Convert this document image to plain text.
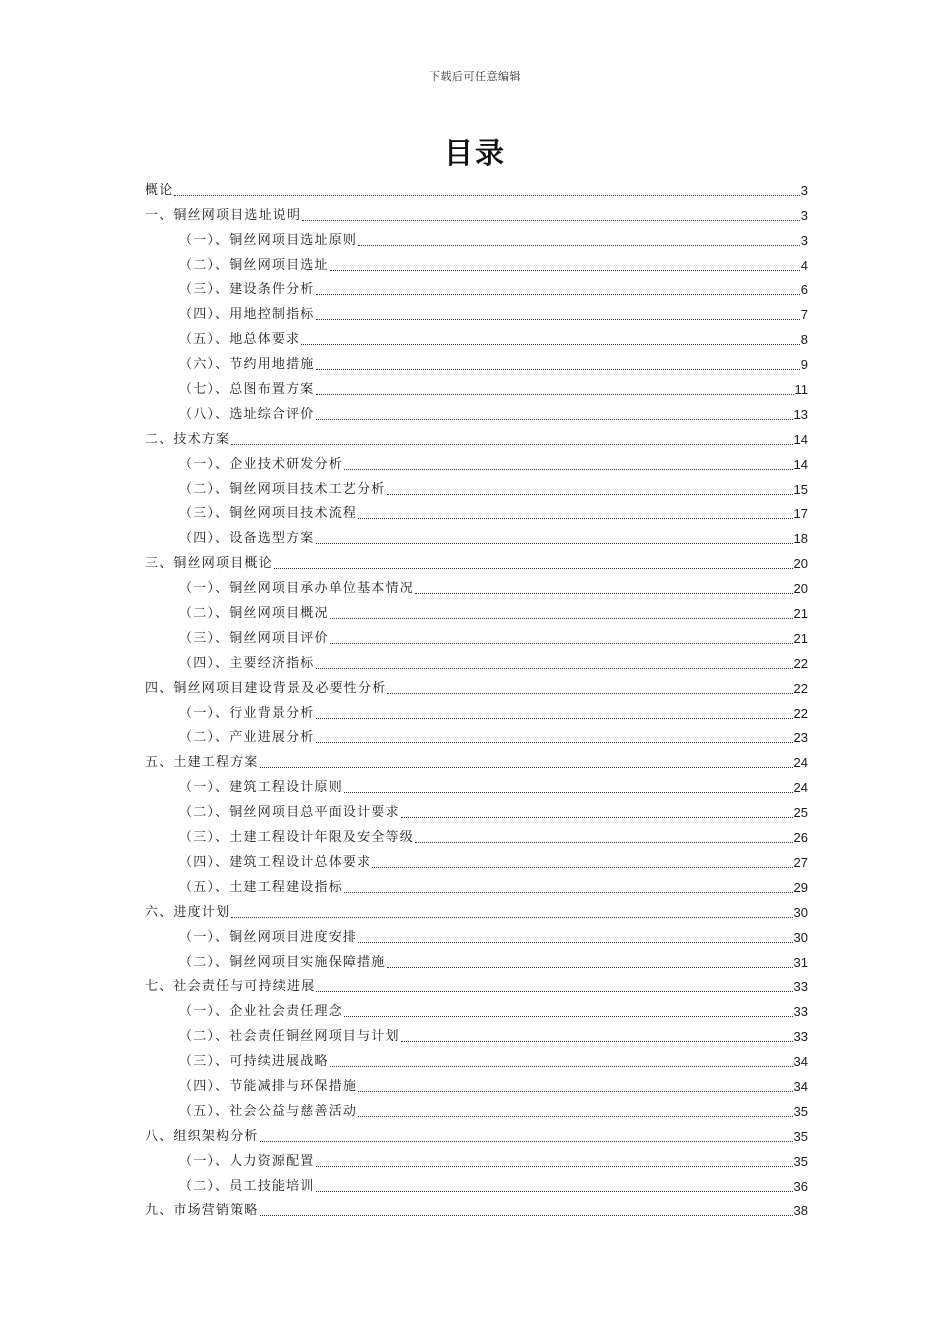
下载后可任意编辑
目录
概论	3
一、铜丝网项目选址说明	3
（一）、铜丝网项目选址原则	3
（二）、铜丝网项目选址	4
（三）、建设条件分析	6
（四）、用地控制指标	7
（五）、地总体要求	8
（六）、节约用地措施	9
（七）、总图布置方案	11
（八）、选址综合评价	13
二、技术方案	14
（一）、企业技术研发分析	14
（二）、铜丝网项目技术工艺分析	15
（三）、铜丝网项目技术流程	17
（四）、设备选型方案	18
三、铜丝网项目概论	20
（一）、铜丝网项目承办单位基本情况	20
（二）、铜丝网项目概况	21
（三）、铜丝网项目评价	21
（四）、主要经济指标	22
四、铜丝网项目建设背景及必要性分析	22
（一）、行业背景分析	22
（二）、产业进展分析	23
五、土建工程方案	24
（一）、建筑工程设计原则	24
（二）、铜丝网项目总平面设计要求	25
（三）、土建工程设计年限及安全等级	26
（四）、建筑工程设计总体要求	27
（五）、土建工程建设指标	29
六、进度计划	30
（一）、铜丝网项目进度安排	30
（二）、铜丝网项目实施保障措施	31
七、社会责任与可持续进展	33
（一）、企业社会责任理念	33
（二）、社会责任铜丝网项目与计划	33
（三）、可持续进展战略	34
（四）、节能减排与环保措施	34
（五）、社会公益与慈善活动	35
八、组织架构分析	35
（一）、人力资源配置	35
（二）、员工技能培训	36
九、市场营销策略	38
